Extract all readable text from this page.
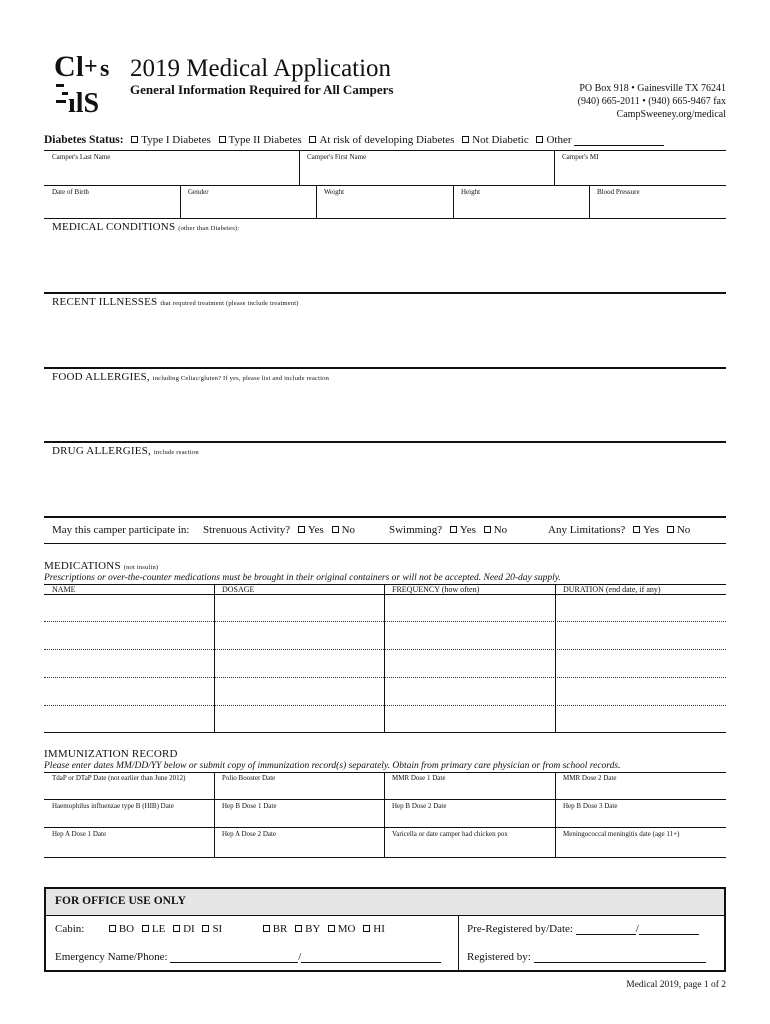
C l + s
ılS
2019 Medical Application
General Information Required for All Campers	PO Box 918 • Gainesville TX 76241
(940) 665-2011 • (940) 665-9467 fax
CampSweeney.org/medical
Diabetes Status: Type I Diabetes Type II Diabetes At risk of developing Diabetes Not Diabetic Other
Camper's Last Name	Camper's First Name	Camper's MI
Date of Birth	Gender	Weight	Height	Blood Pressure
MEDICAL CONDITIONS (other than Diabetes):
RECENT ILLNESSES that required treatment (please include treatment)
FOOD ALLERGIES, including Celiac/gluten? If yes, please list and include reaction
DRUG ALLERGIES, include reaction
May this camper participate in: Strenuous Activity? Yes No	Swimming? Yes No	Any Limitations? Yes No
MEDICATIONS (not insulin)
Prescriptions or over-the-counter medications must be brought in their original containers or will not be accepted. Need 20-day supply.
NAME	DOSAGE	FREQUENCY (how often)	DURATION (end date, if any)
IMMUNIZATION RECORD
Please enter dates MM/DD/YY below or submit copy of immunization record(s) separately. Obtain from primary care physician or from school records.
TdaP or DTaP Date (not earlier than June 2012)	Polio Booster Date	MMR Dose 1 Date	MMR Dose 2 Date
Haemophilus influenzae type B (HIB) Date	Hep B Dose 1 Date	Hep B Dose 2 Date	Hep B Dose 3 Date
Hep A Dose 1 Date	Hep A Dose 2 Date	Varicella or date camper had chicken pox	Meningococcal meningitis date (age 11+)
FOR OFFICE USE ONLY
Cabin:	BO LE DI SI	BR BY MO HI
Emergency Name/Phone:	/
Pre-Registered by/Date:	/
Registered by:
Medical 2019, page 1 of 2
